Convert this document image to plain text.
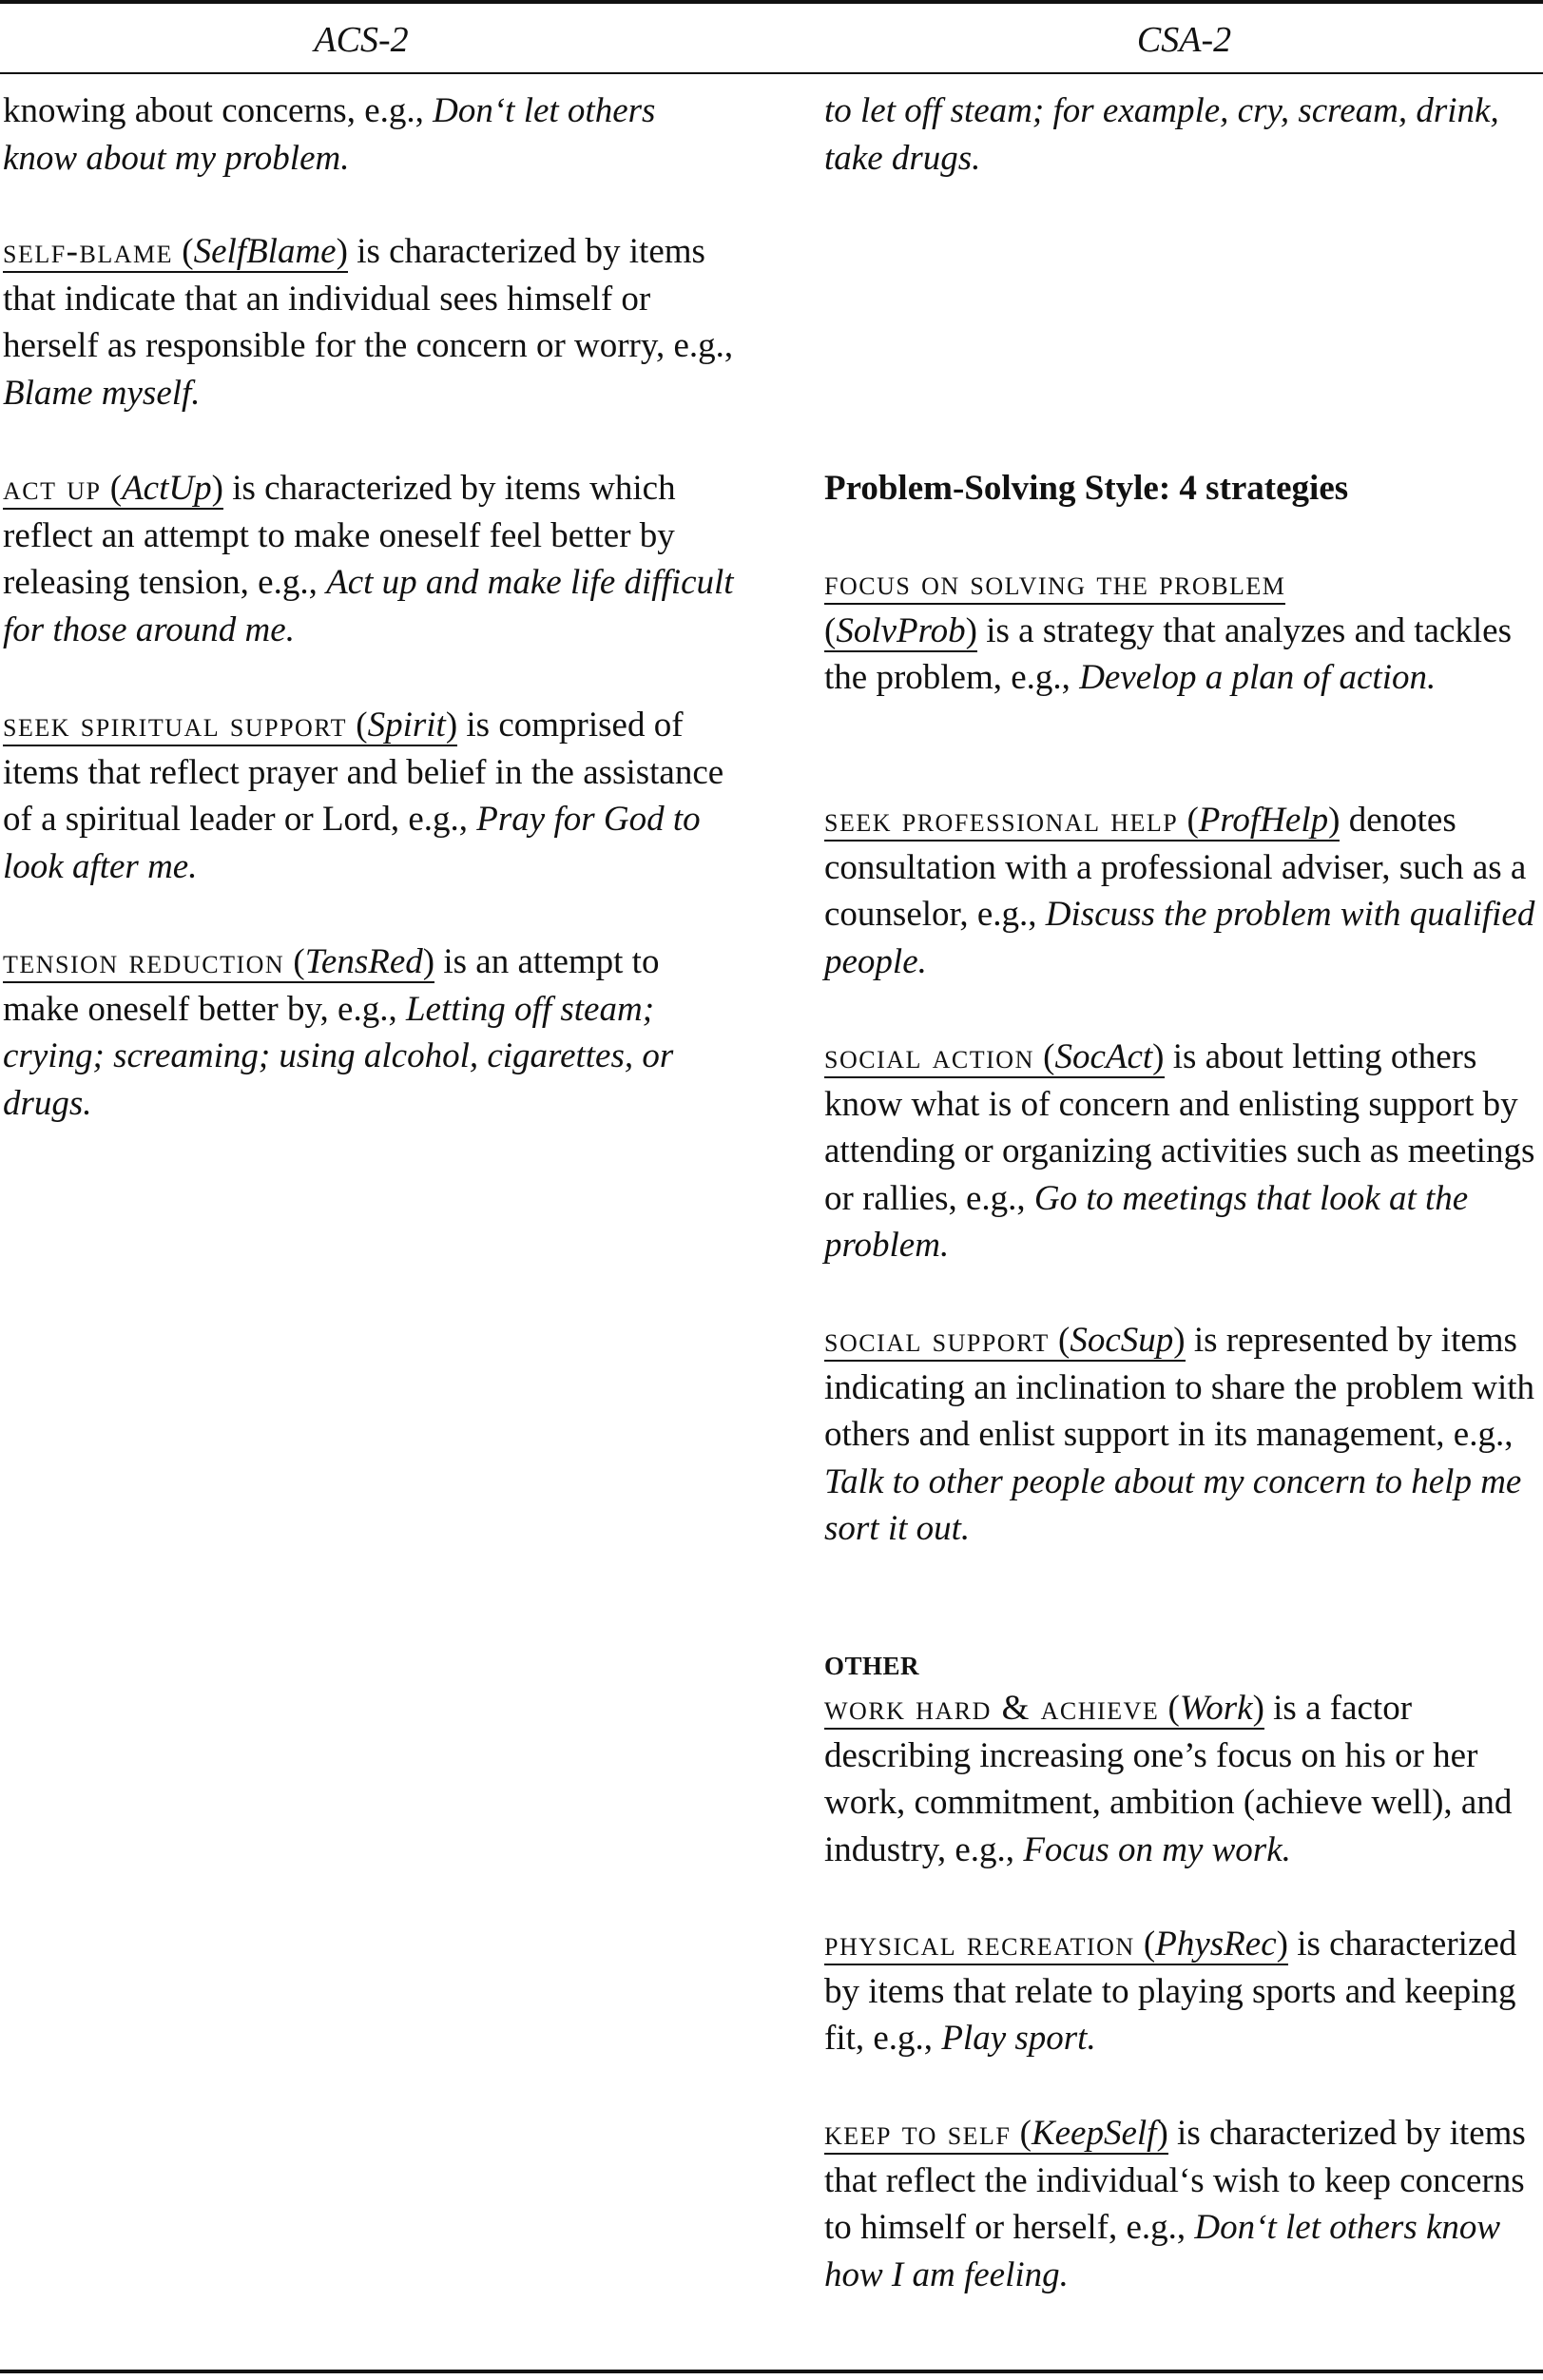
ACS-2	CSA-2

knowing about concerns, e.g., Don‘t let others know about my problem.

self-blame (SelfBlame) is characterized by items that indicate that an individual sees himself or herself as responsible for the concern or worry, e.g., Blame myself.

act up (ActUp) is characterized by items which reflect an attempt to make oneself feel better by releasing tension, e.g., Act up and make life difficult for those around me.

seek spiritual support (Spirit) is comprised of items that reflect prayer and belief in the assistance of a spiritual leader or Lord, e.g., Pray for God to look after me.

tension reduction (TensRed) is an attempt to make oneself better by, e.g., Letting off steam; crying; screaming; using alcohol, cigarettes, or drugs.

to let off steam; for example, cry, scream, drink, take drugs.

Problem-Solving Style: 4 strategies

focus on solving the problem
(SolvProb) is a strategy that analyzes and tackles the problem, e.g., Develop a plan of action.

seek professional help (ProfHelp) denotes consultation with a professional adviser, such as a counselor, e.g., Discuss the problem with qualified people.

social action (SocAct) is about letting others know what is of concern and enlisting support by attending or organizing activities such as meetings or rallies, e.g., Go to meetings that look at the problem.

social support (SocSup) is represented by items indicating an inclination to share the problem with others and enlist support in its management, e.g., Talk to other people about my concern to help me sort it out.

OTHER

work hard & achieve (Work) is a factor describing increasing one’s focus on his or her work, commitment, ambition (achieve well), and industry, e.g., Focus on my work.

physical recreation (PhysRec) is characterized by items that relate to playing sports and keeping fit, e.g., Play sport.

keep to self (KeepSelf) is characterized by items that reflect the individual‘s wish to keep concerns to himself or herself, e.g., Don‘t let others know how I am feeling.
